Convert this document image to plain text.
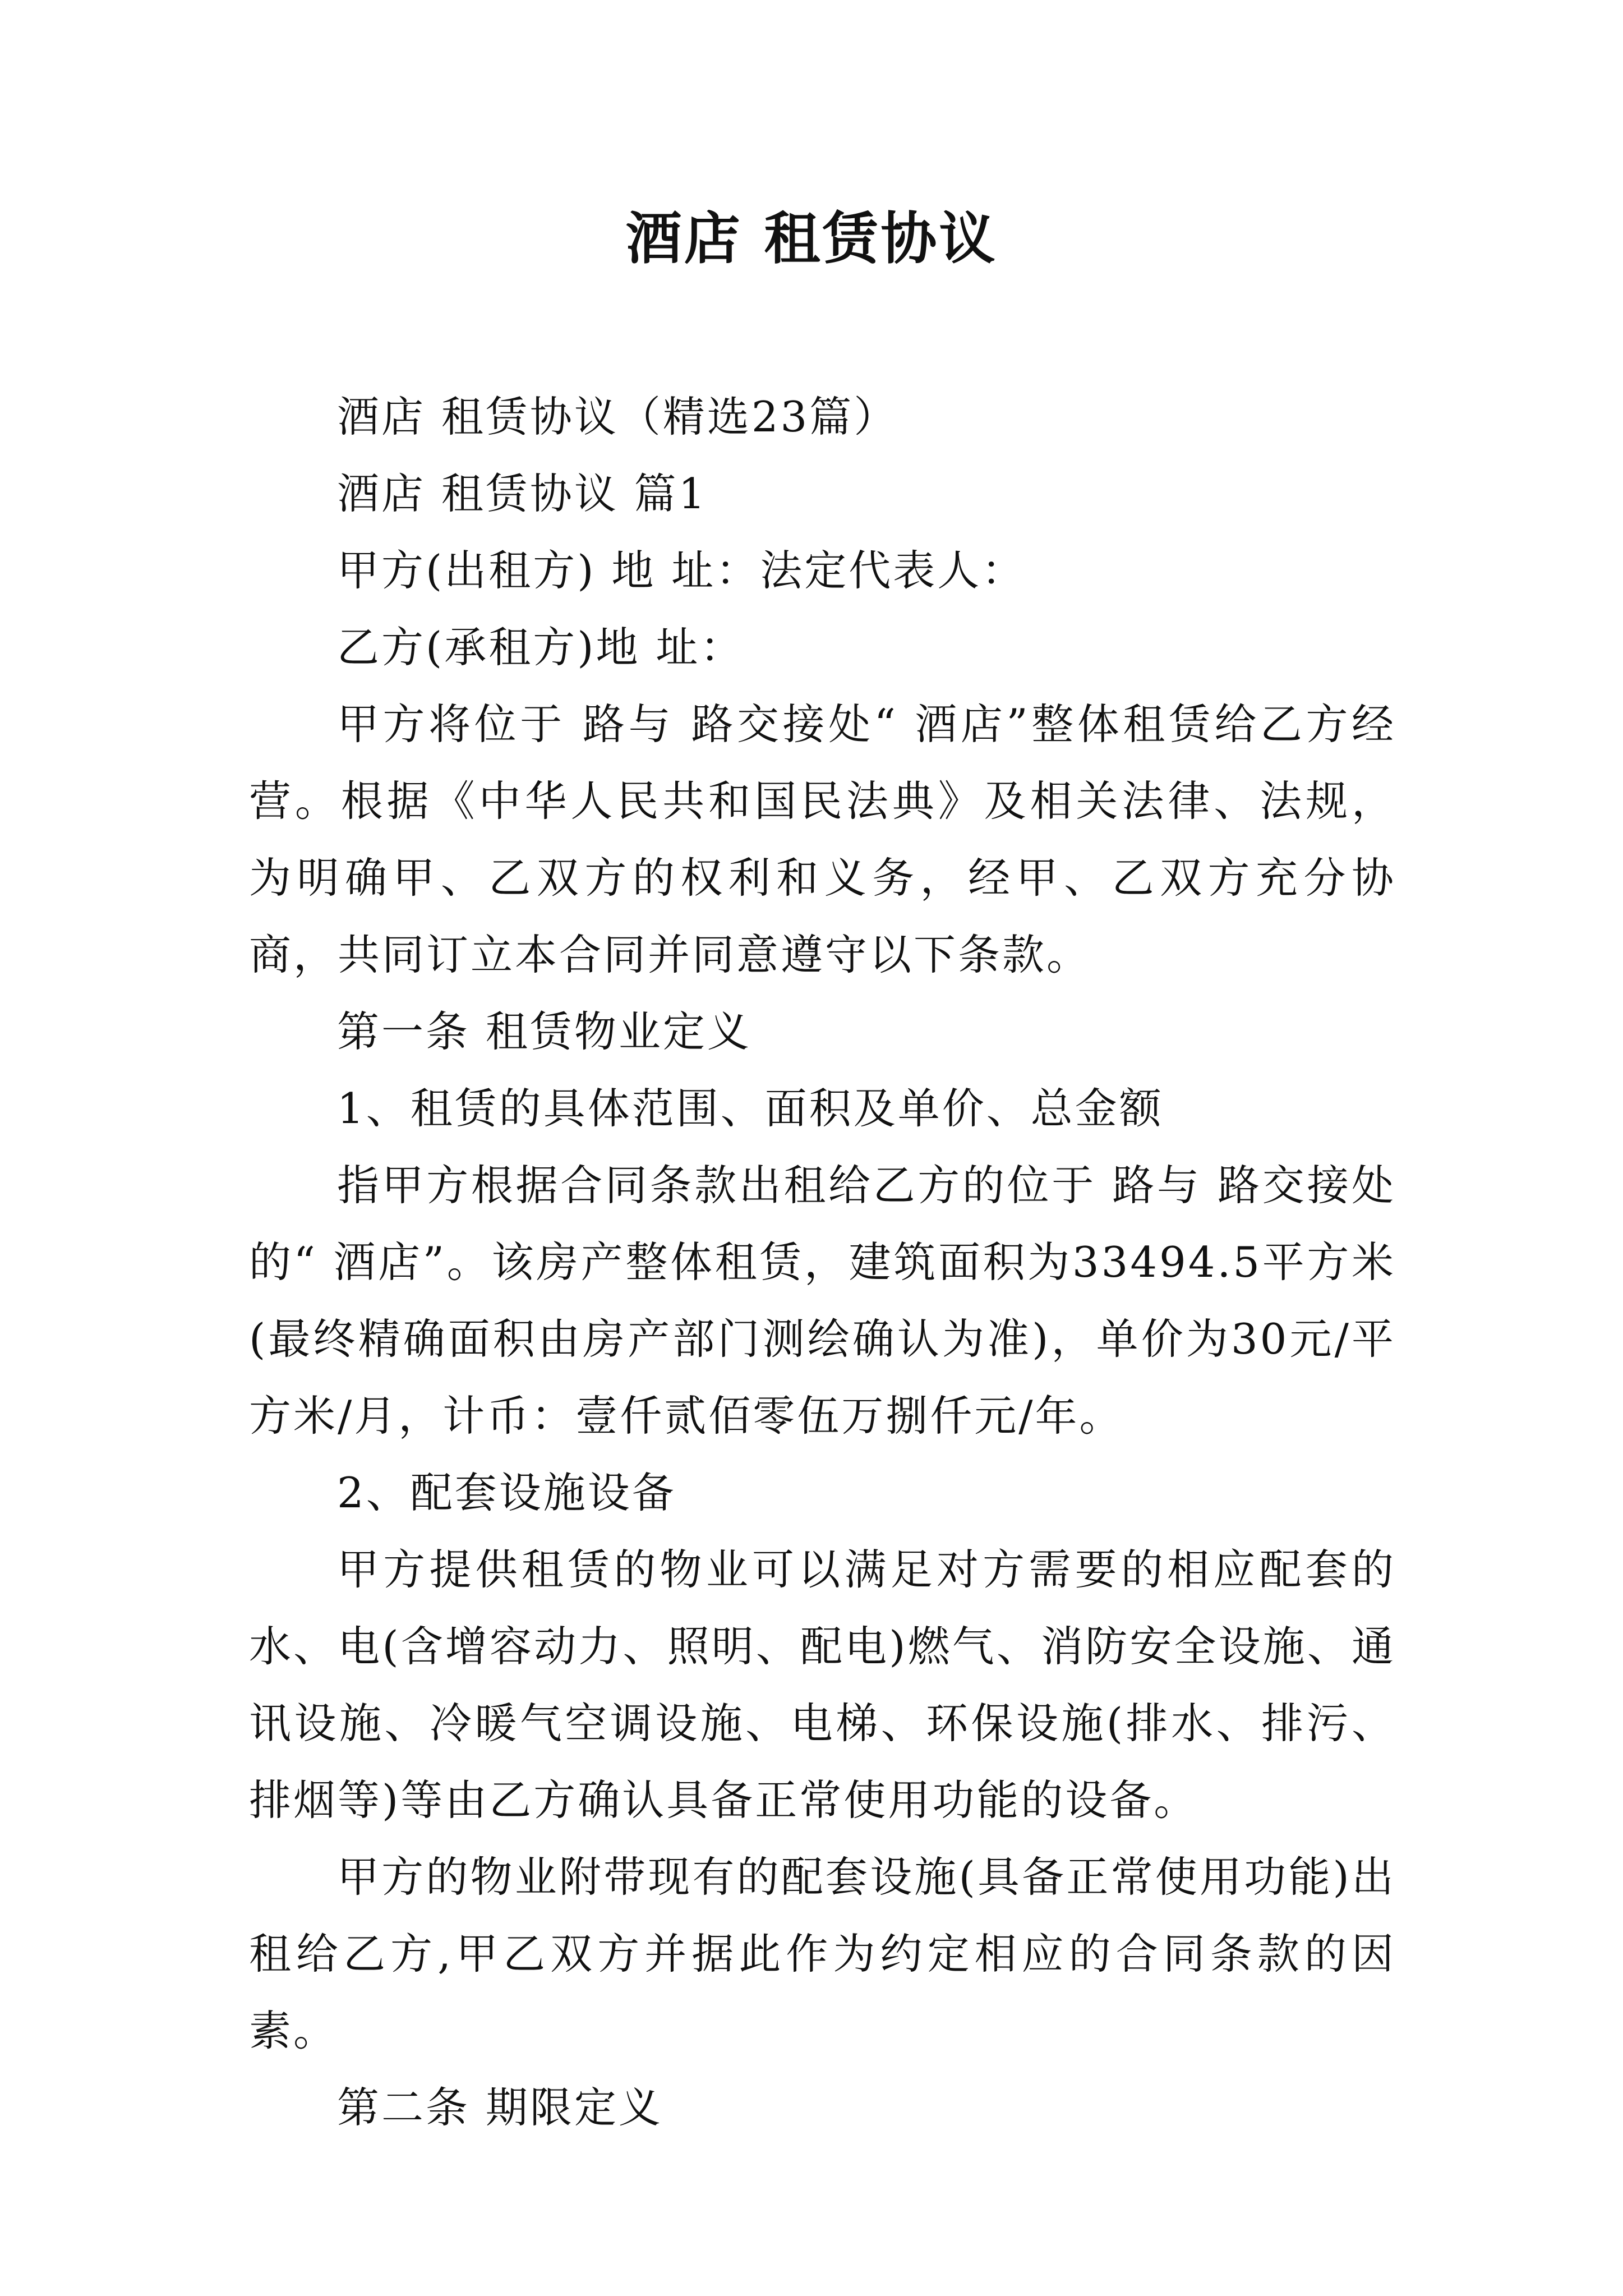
酒店 租赁协议

酒店 租赁协议（精选23篇）

酒店 租赁协议 篇1

甲方(出租方) 地 址：法定代表人：

乙方(承租方)地 址：

甲方将位于 路与 路交接处“ 酒店”整体租赁给乙方经营。根据《中华人民共和国民法典》及相关法律、法规，为明确甲、乙双方的权利和义务，经甲、乙双方充分协商，共同订立本合同并同意遵守以下条款。

第一条 租赁物业定义

1、租赁的具体范围、面积及单价、总金额

指甲方根据合同条款出租给乙方的位于 路与 路交接处的“ 酒店”。该房产整体租赁，建筑面积为33494.5平方米(最终精确面积由房产部门测绘确认为准)，单价为30元/平方米/月，计币：壹仟贰佰零伍万捌仟元/年。

2、配套设施设备

甲方提供租赁的物业可以满足对方需要的相应配套的水、电(含增容动力、照明、配电)燃气、消防安全设施、通讯设施、冷暖气空调设施、电梯、环保设施(排水、排污、排烟等)等由乙方确认具备正常使用功能的设备。

甲方的物业附带现有的配套设施(具备正常使用功能)出租给乙方,甲乙双方并据此作为约定相应的合同条款的因素。

第二条 期限定义
